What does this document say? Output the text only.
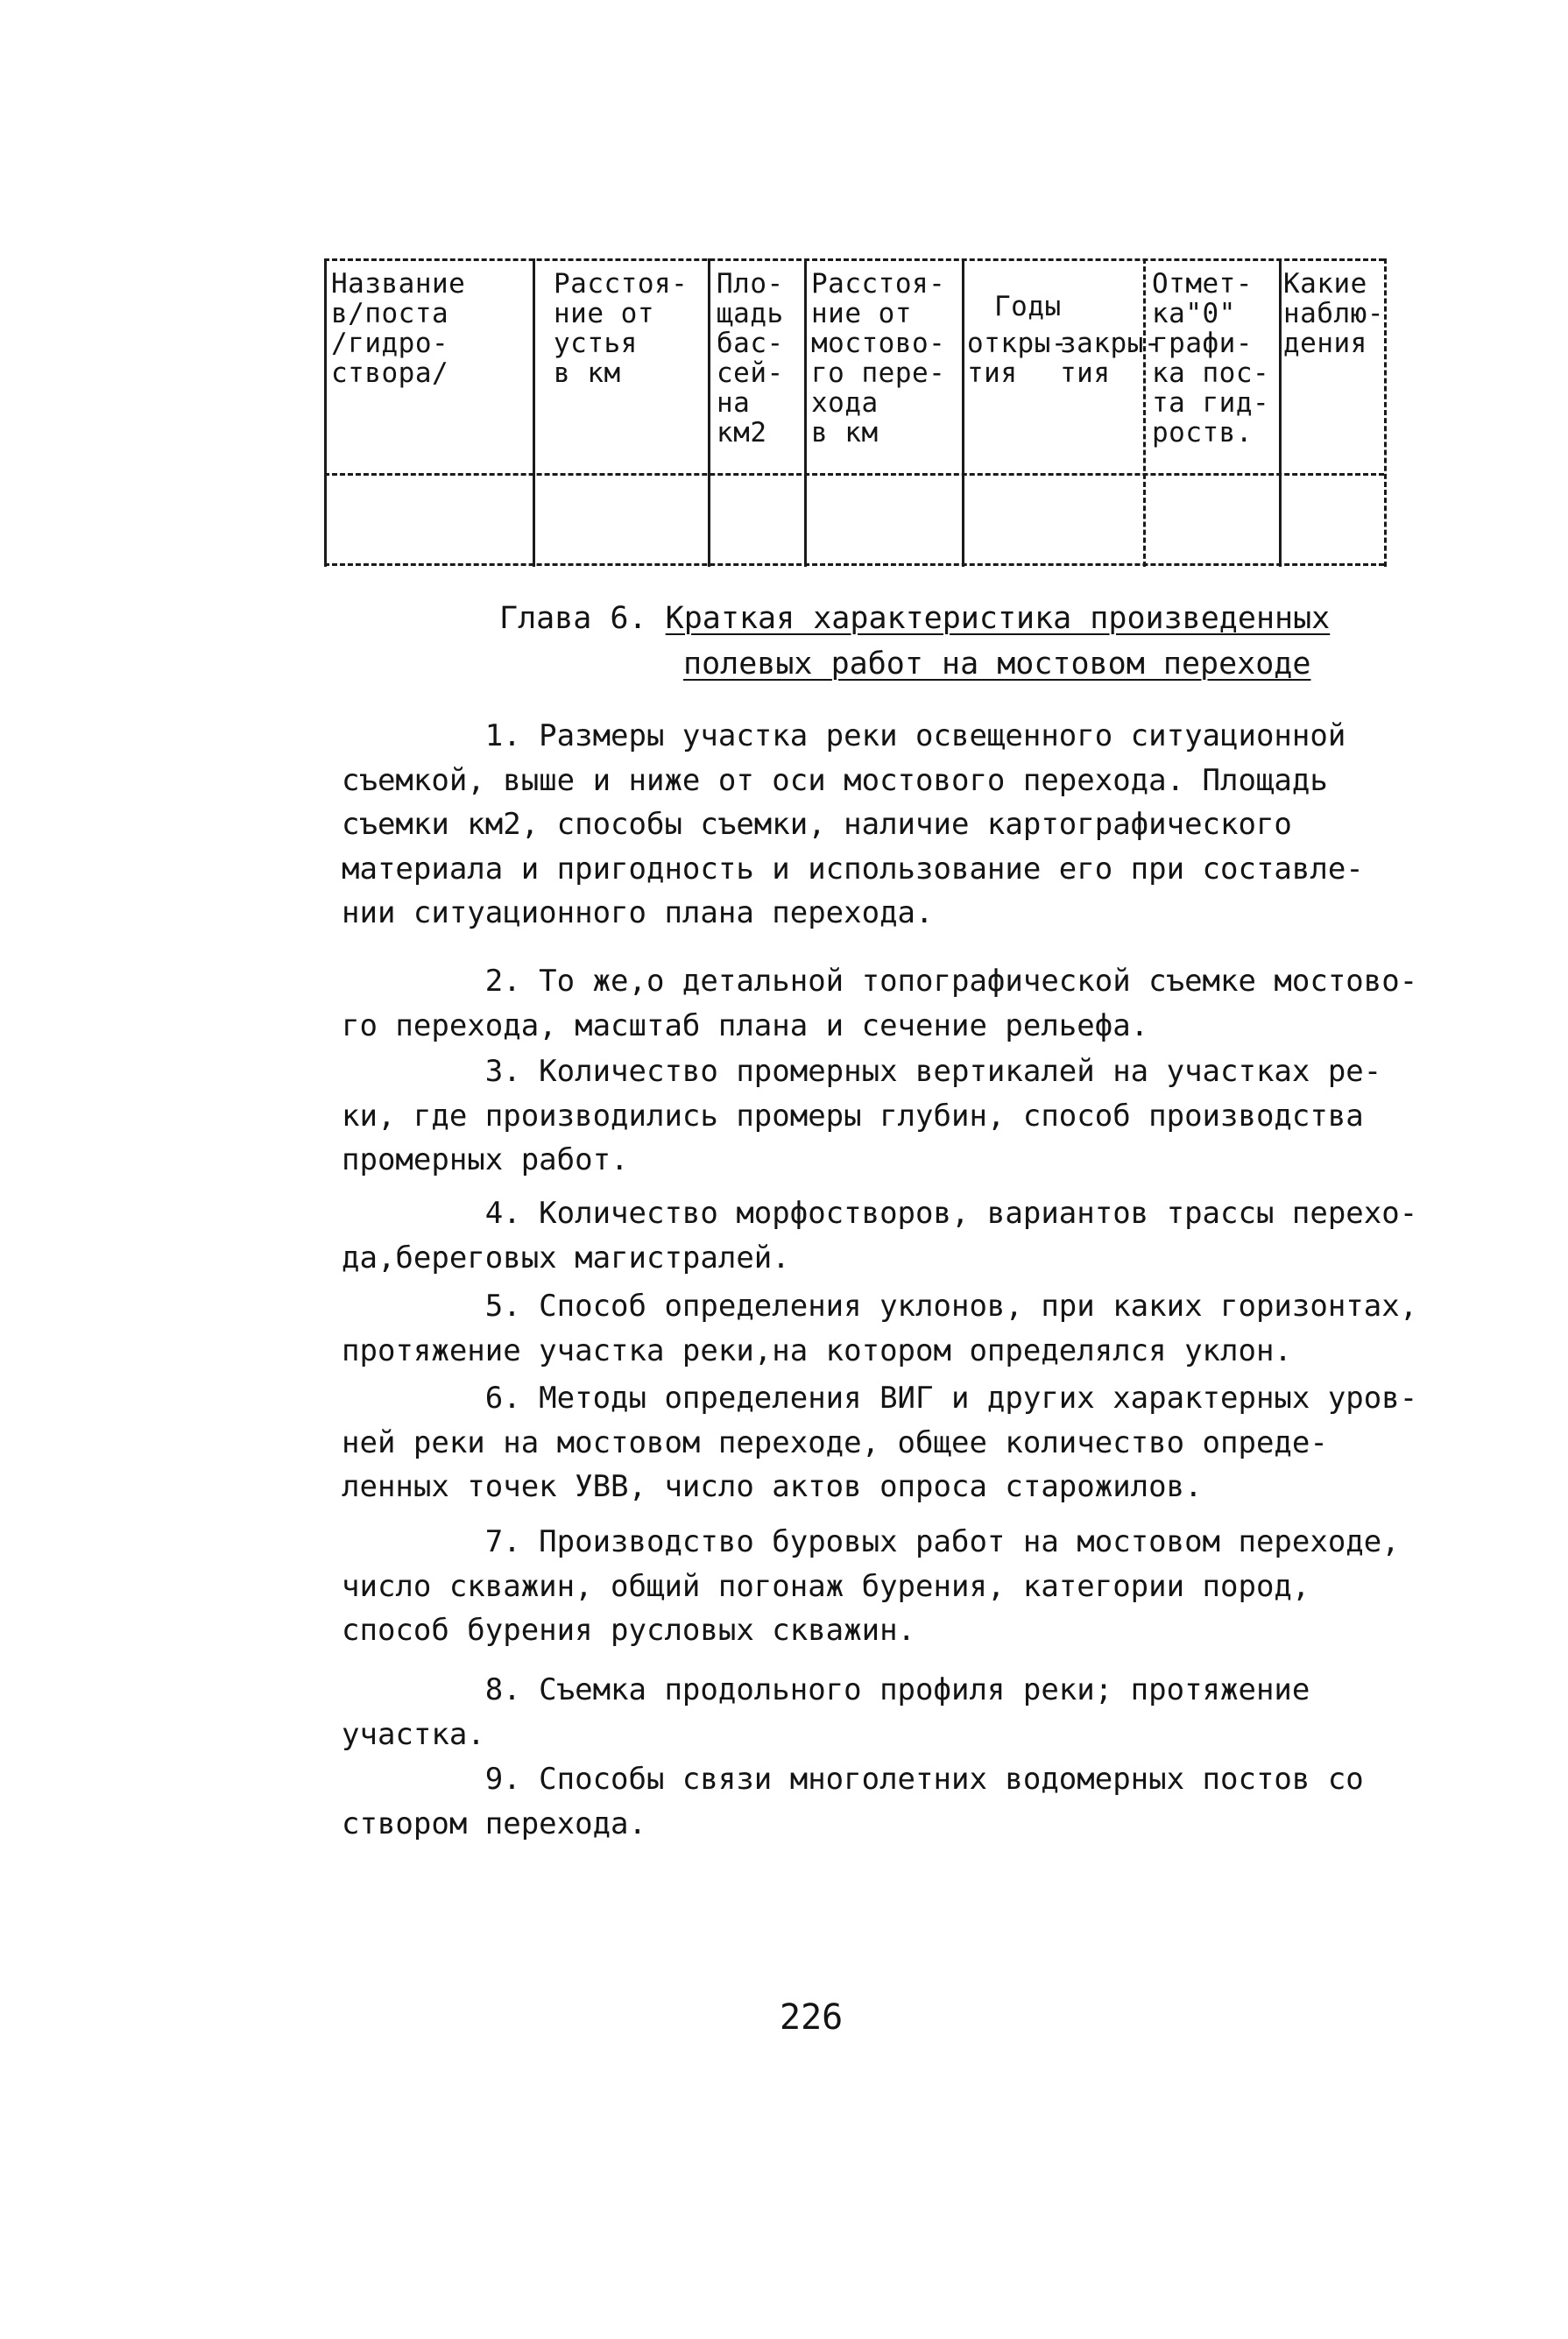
Название
в/поста
/гидро-
створa/
Расстоя-
ние от
устья
в км
Пло-
щадь
бас-
сей-
на
км2
Расстоя-
ние от
мостово-
го пере-
хода
в км
Годы
откры-
тия
закры-
тия
Отмет-
ка"0"
графи-
ка пос-
та гид-
роств.
Какие
наблю-
дения
Глава 6. Краткая характеристика произведенных
полевых работ на мостовом переходе
1. Размеры участка реки освещенного ситуационной
съемкой, выше и ниже от оси мостового перехода. Площадь
съемки км2, способы съемки, наличие картографического
материала и пригодность и использование его при составле-
нии ситуационного плана перехода.
2. То же,о детальной топографической съемке мостово-
го перехода, масштаб плана и сечение рельефа.
3. Количество промерных вертикалей на участках ре-
ки, где производились промеры глубин, способ производства
промерных работ.
4. Количество морфостворов, вариантов трассы перехо-
да,береговых магистралей.
5. Способ определения уклонов, при каких горизонтах,
протяжение участка реки,на котором определялся уклон.
6. Методы определения ВИГ и других характерных уров-
ней реки на мостовом переходе, общее количество опреде-
ленных точек УВВ, число актов опроса старожилов.
7. Производство буровых работ на мостовом переходе,
число скважин, общий погонаж бурения, категории пород,
способ бурения русловых скважин.
8. Съемка продольного профиля реки; протяжение
участка.
9. Способы связи многолетних водомерных постов со
створом перехода.
226
